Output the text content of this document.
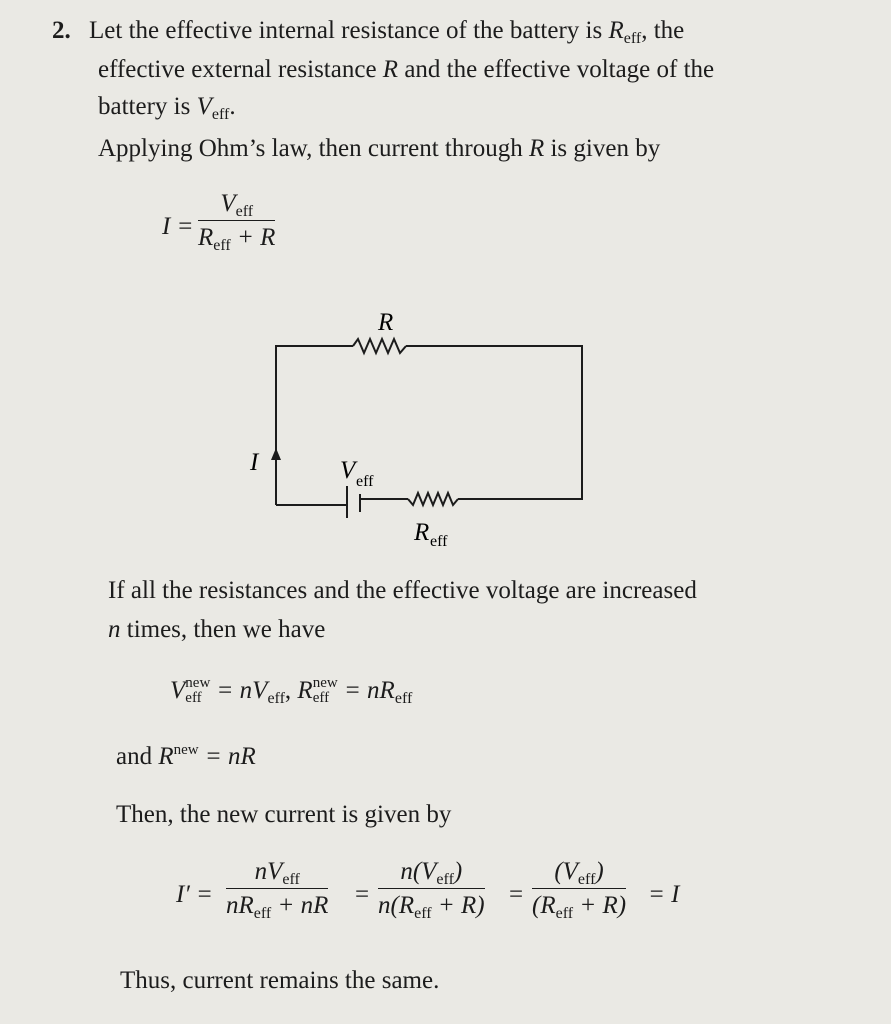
2. Let the effective internal resistance of the battery is $R_{eff}$, the
effective external resistance R and the effective voltage of the
battery is $V_{eff}$.
Applying Ohm’s law, then current through R is given by
I =
$V_{eff}$
$R_{eff} + R$
R
I	V eff
R eff
If all the resistances and the effective voltage are increased
n times, then we have
V new
eff = $nV_{eff}$, R new
eff = $nR_{eff}$
and $R^{new}$ = nR
Then, the new current is given by
I′ =
$nV_{eff}$
$nR_{eff}$ + nR =
$n(V_{eff})$
$n(R_{eff} + R)$ =
$(V_{eff})$
$(R_{eff} + R) = I$
Thus, current remains the same.
